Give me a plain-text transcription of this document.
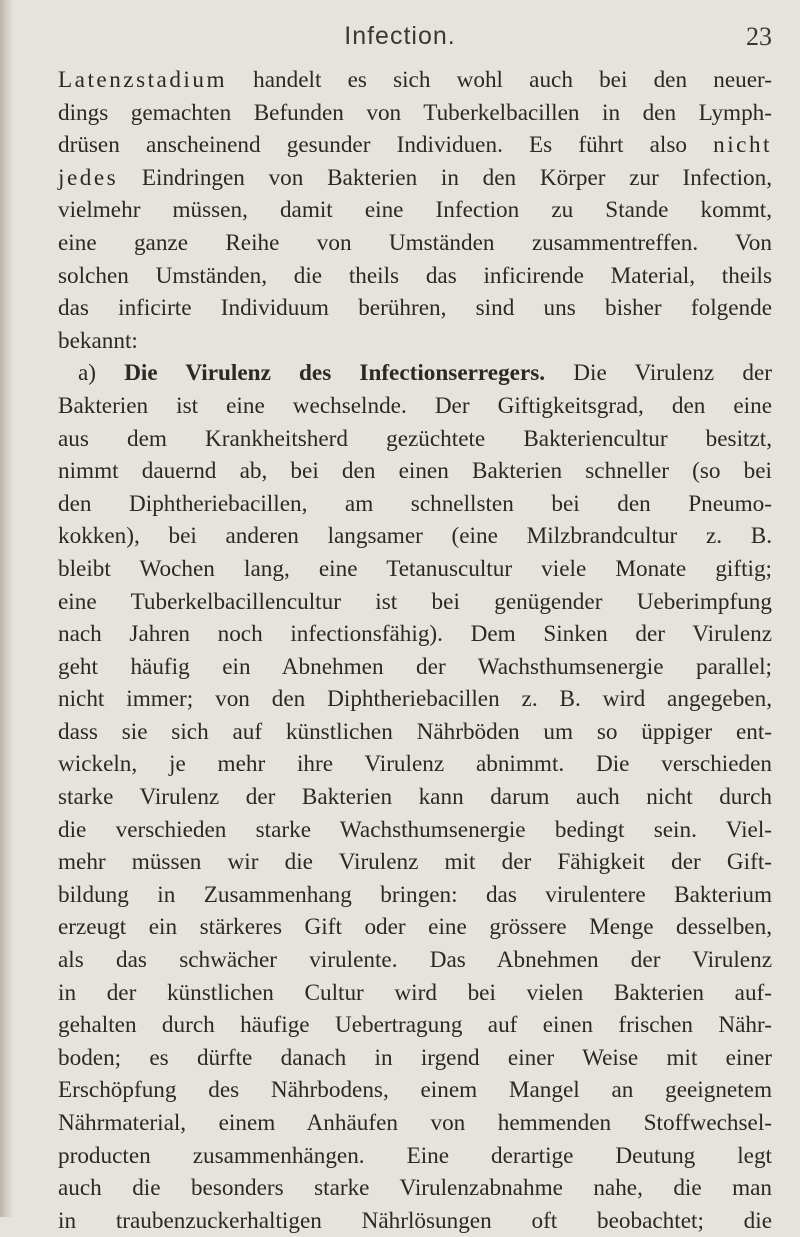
Infection.	23
Latenzstadium handelt es sich wohl auch bei den neuer-
dings gemachten Befunden von Tuberkelbacillen in den Lymph-
drüsen anscheinend gesunder Individuen. Es führt also nicht
jedes Eindringen von Bakterien in den Körper zur Infection,
vielmehr müssen, damit eine Infection zu Stande kommt,
eine ganze Reihe von Umständen zusammentreffen. Von
solchen Umständen, die theils das inficirende Material, theils
das inficirte Individuum berühren, sind uns bisher folgende
bekannt:
a) Die Virulenz des Infectionserregers. Die Virulenz der
Bakterien ist eine wechselnde. Der Giftigkeitsgrad, den eine
aus dem Krankheitsherd gezüchtete Bakteriencultur besitzt,
nimmt dauernd ab, bei den einen Bakterien schneller (so bei
den Diphtheriebacillen, am schnellsten bei den Pneumo-
kokken), bei anderen langsamer (eine Milzbrandcultur z. B.
bleibt Wochen lang, eine Tetanuscultur viele Monate giftig;
eine Tuberkelbacillencultur ist bei genügender Ueberimpfung
nach Jahren noch infectionsfähig). Dem Sinken der Virulenz
geht häufig ein Abnehmen der Wachsthumsenergie parallel;
nicht immer; von den Diphtheriebacillen z. B. wird angegeben,
dass sie sich auf künstlichen Nährböden um so üppiger ent-
wickeln, je mehr ihre Virulenz abnimmt. Die verschieden
starke Virulenz der Bakterien kann darum auch nicht durch
die verschieden starke Wachsthumsenergie bedingt sein. Viel-
mehr müssen wir die Virulenz mit der Fähigkeit der Gift-
bildung in Zusammenhang bringen: das virulentere Bakterium
erzeugt ein stärkeres Gift oder eine grössere Menge desselben,
als das schwächer virulente. Das Abnehmen der Virulenz
in der künstlichen Cultur wird bei vielen Bakterien auf-
gehalten durch häufige Uebertragung auf einen frischen Nähr-
boden; es dürfte danach in irgend einer Weise mit einer
Erschöpfung des Nährbodens, einem Mangel an geeignetem
Nährmaterial, einem Anhäufen von hemmenden Stoffwechsel-
producten zusammenhängen. Eine derartige Deutung legt
auch die besonders starke Virulenzabnahme nahe, die man
in traubenzuckerhaltigen Nährlösungen oft beobachtet; die
